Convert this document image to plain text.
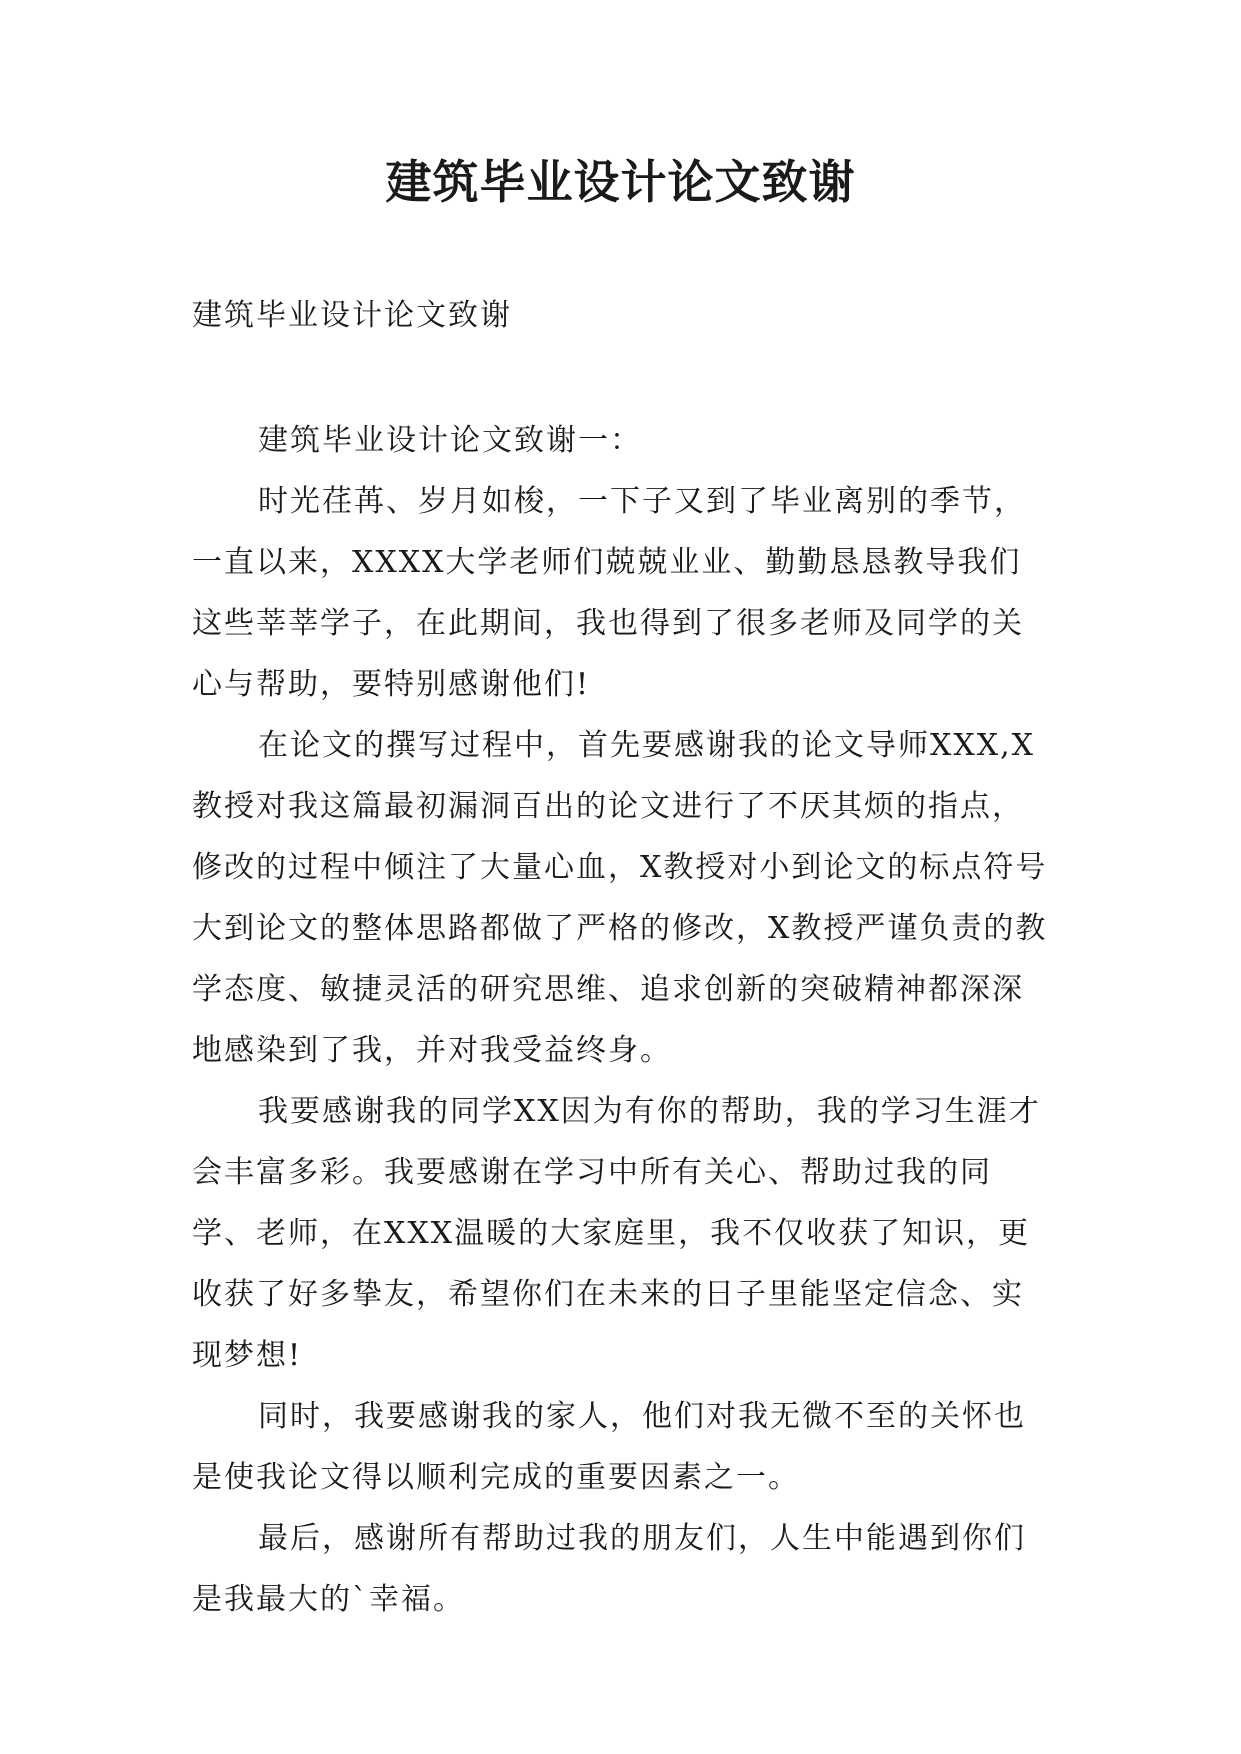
建筑毕业设计论文致谢
建筑毕业设计论文致谢

建筑毕业设计论文致谢一：

时光荏苒、岁月如梭，一下子又到了毕业离别的季节，一直以来，XXXX大学老师们兢兢业业、勤勤恳恳教导我们这些莘莘学子，在此期间，我也得到了很多老师及同学的关心与帮助，要特别感谢他们!

在论文的撰写过程中，首先要感谢我的论文导师XXX,X教授对我这篇最初漏洞百出的论文进行了不厌其烦的指点，修改的过程中倾注了大量心血，X教授对小到论文的标点符号大到论文的整体思路都做了严格的修改，X教授严谨负责的教学态度、敏捷灵活的研究思维、追求创新的突破精神都深深地感染到了我，并对我受益终身。

我要感谢我的同学XX因为有你的帮助，我的学习生涯才会丰富多彩。我要感谢在学习中所有关心、帮助过我的同学、老师，在XXX温暖的大家庭里，我不仅收获了知识，更收获了好多挚友，希望你们在未来的日子里能坚定信念、实现梦想!

同时，我要感谢我的家人，他们对我无微不至的关怀也是使我论文得以顺利完成的重要因素之一。

最后，感谢所有帮助过我的朋友们，人生中能遇到你们是我最大的`幸福。
